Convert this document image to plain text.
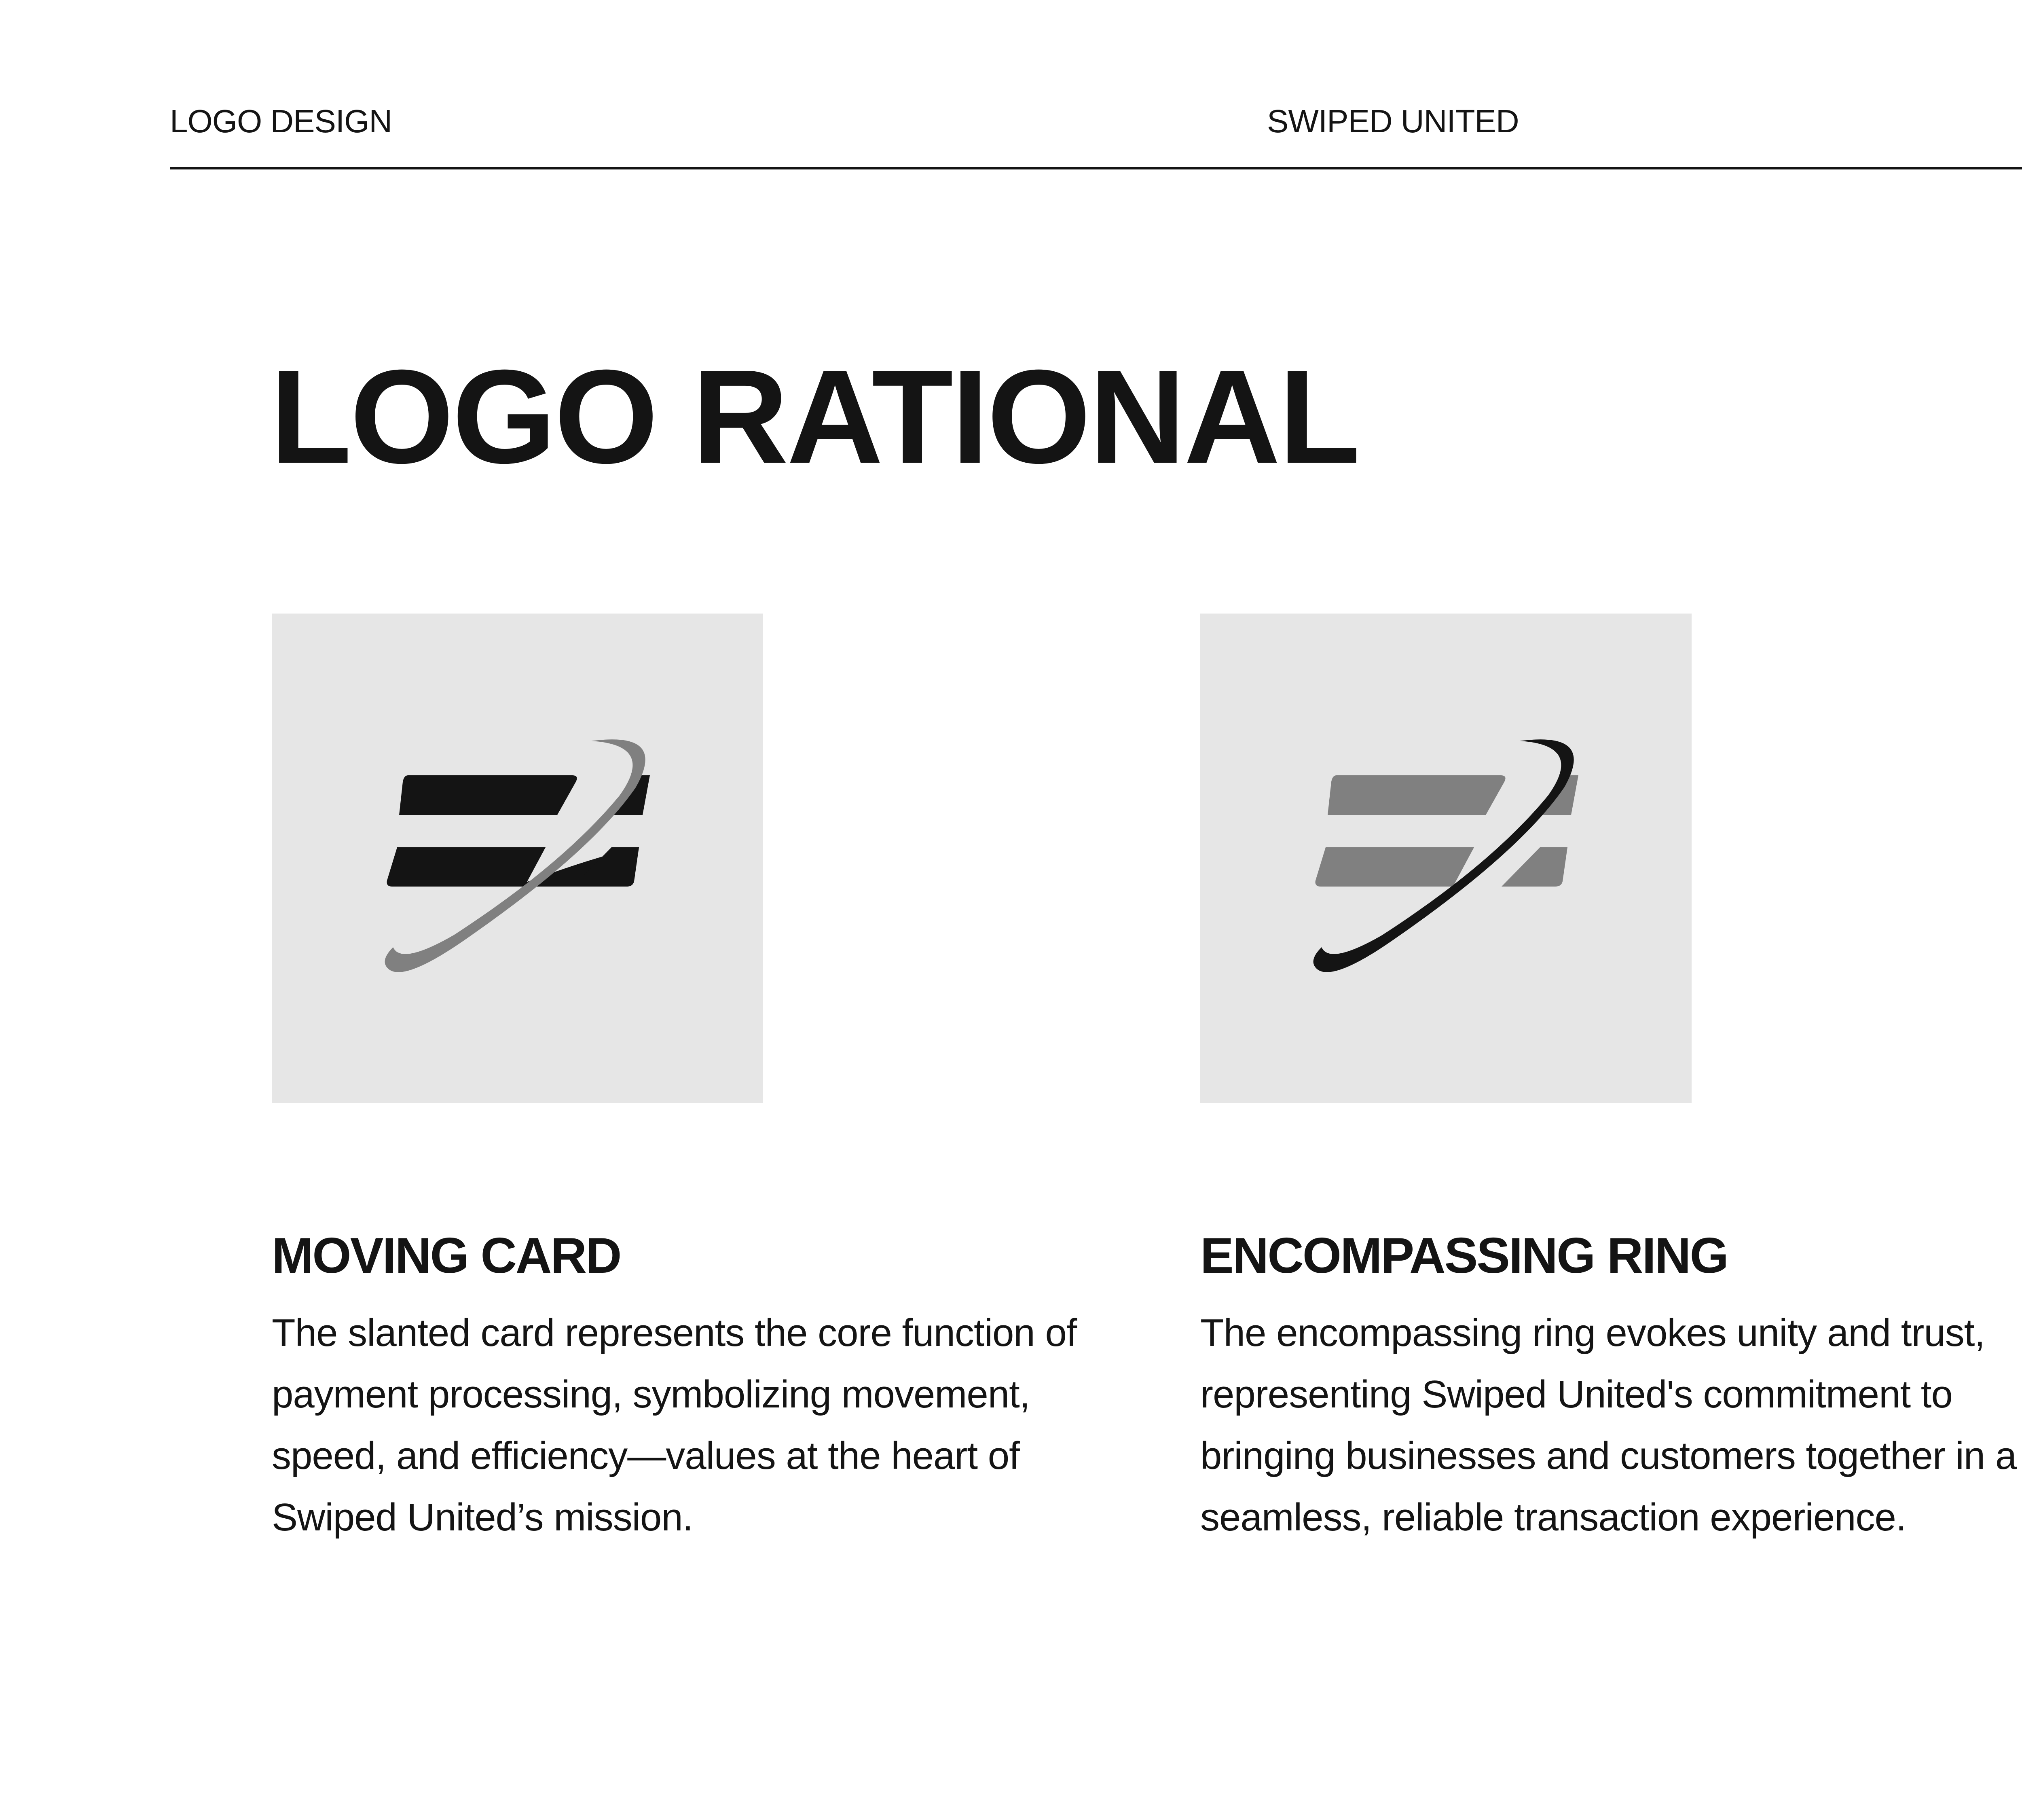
LOGO DESIGN	SWIPED UNITED
LOGO RATIONAL
MOVING CARD

The slanted card represents the core function of payment processing, symbolizing movement, speed, and efficiency—values at the heart of Swiped United’s mission.

ENCOMPASSING RING

The encompassing ring evokes unity and trust, representing Swiped United's commitment to bringing businesses and customers together in a seamless, reliable transaction experience.
